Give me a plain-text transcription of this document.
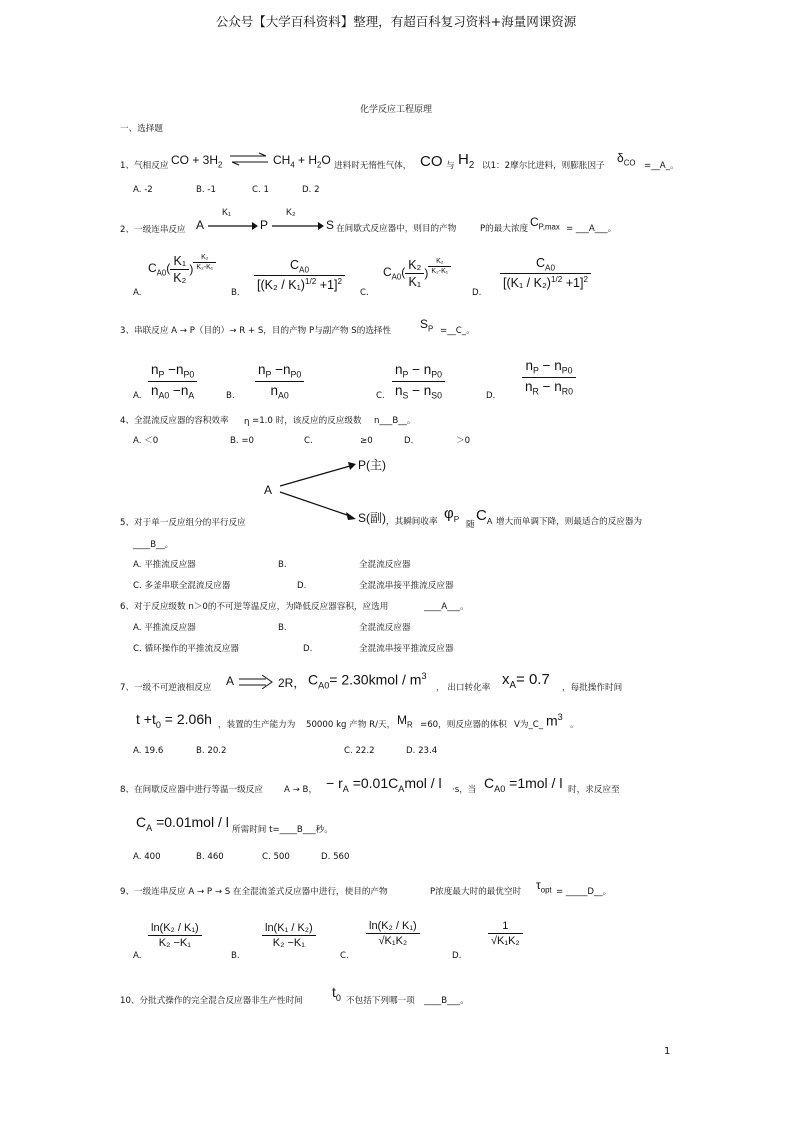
公众号【大学百科资料】整理，有超百科复习资料+海量网课资源
化学反应工程原理
一、选择题
1、气相反应 CO + $3H_2$ ⇌ $CH_4 + H_2O$ 进料时无惰性气体， CO 与 $H_2$ 以1：2摩尔比进料，则膨胀因子
$\delta_{CO}$ =__A_。
A. -2	B. -1	C. 1	D. 2
2、一级连串反应 A
K₁
P
K₂
S 在间歇式反应器中，则目的产物	P的最大浓度 $C_{P,max}$ = ___A___。
A.
$C_{A0}( \frac{\text{K₁}}{\text{K₂}}$ ) $\frac{\text{K₂}}{\text{K₂-K₁}}$
B.
$\frac{C_{A0}}{[(K_2 / K_1)^{1/2} +1]^2}$
C.
$C_{A0}( \frac{\text{K₂}}{\text{K₁}}$ ) $\frac{\text{K₂}}{\text{K₂-K₁}}$
D.
$\frac{C_{A0}}{[(K_1 / K_2)^{1/2} +1]^2}$
3、串联反应 A → P（目的）→ R + S，目的产物 P与副产物 S的选择性 $S_P$ =__C_。
A. $\frac{n_P -n_{P0}}{n_{A0} -n_A}$	B. $\frac{n_P -n_{P0}}{n_{A0}}$	C. $\frac{n_P - n_{P0}}{n_S - n_{S0}}$	D. $\frac{n_P - n_{P0}}{n_R - n_{R0}}$
4、全混流反应器的容积效率 η =1.0 时，该反应的反应级数 n___B__。
A. ＜0	B. =0	C.	≥0	D.	＞0
A
P(主)
5、对于单一反应组分的平行反应	S(副) ，其瞬间收率 $\varphi_P$
随
$C_A$ 增大而单调下降，则最适合的反应器为
____B__。
A. 平推流反应器	B.	全混流反应器
C. 多釜串联全混流反应器	D.	全混流串接平推流反应器
6、对于反应级数 n＞0的不可逆等温反应，为降低反应器容积，应选用	____A___。
A. 平推流反应器	B.	全混流反应器
C. 循环操作的平推流反应器	D.	全混流串接平推流反应器
7、一级不可逆液相反应 A	2R， $C_{A0}=$ 2.30kmol / $m^3$
， 出口转化率 $x_A= 0.7$ ，每批操作时间
$t +t_0 = 2.06h$ ，装置的生产能力为 50000 kg 产物 R/天， $M_R =60$，则反应器的体积 V为_C_ $m^3$
。
A. 19.6	B. 20.2	C. 22.2	D. 23.4
8、在间歇反应器中进行等温一级反应 A → B， − $r_A =0.01C_Amol / l \cdot s$，当 $C_{A0} =1mol / l$ 时，求反应至
$C_A =0.01mol / l$ 所需时间 t=____B___秒。
A. 400	B. 460	C. 500	D. 560
9、一级连串反应 A → P → S 在全混流釜式反应器中进行，使目的产物	P浓度最大时的最优空时 $\tau_{opt}$ = _____D__。
A.
$\frac{\text{ln(K₂ / K₁)}}{\text{K₂ −K₁}}$
B.
$\frac{\text{ln(K₁ / K₂)}}{\text{K₂ −K₁}}$
C.
$\frac{\text{ln(K₂ / K₁)}}{\text{√K₁K₂}}$
D.
$\frac{1}{\text{√K₁K₂}}$
10、分批式操作的完全混合反应器非生产性时间
$t_0$ 不包括下列哪一项 ____B___。
1
